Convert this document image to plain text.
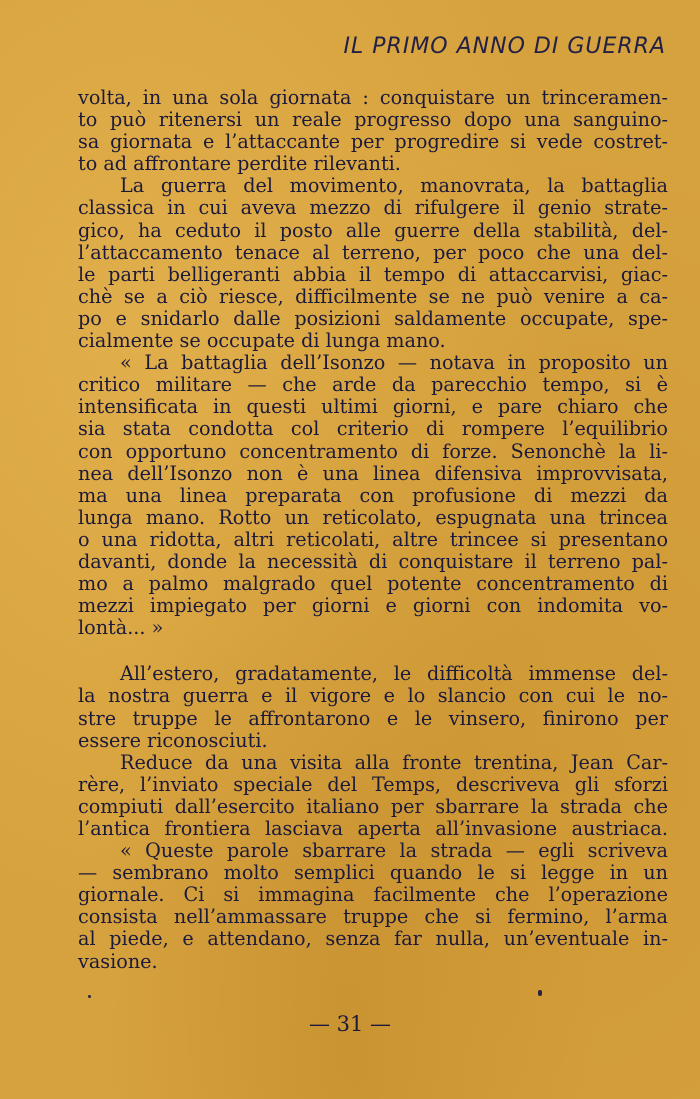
IL PRIMO ANNO DI GUERRA
volta, in una sola giornata : conquistare un trinceramen-
to può ritenersi un reale progresso dopo una sanguino-
sa giornata e l’attaccante per progredire si vede costret-
to ad affrontare perdite rilevanti.
La guerra del movimento, manovrata, la battaglia
classica in cui aveva mezzo di rifulgere il genio strate-
gico, ha ceduto il posto alle guerre della stabilità, del-
l’attaccamento tenace al terreno, per poco che una del-
le parti belligeranti abbia il tempo di attaccarvisi, giac-
chè se a ciò riesce, difficilmente se ne può venire a ca-
po e snidarlo dalle posizioni saldamente occupate, spe-
cialmente se occupate di lunga mano.
« La battaglia dell’Isonzo — notava in proposito un
critico militare — che arde da parecchio tempo, si è
intensificata in questi ultimi giorni, e pare chiaro che
sia stata condotta col criterio di rompere l’equilibrio
con opportuno concentramento di forze. Senonchè la li-
nea dell’Isonzo non è una linea difensiva improvvisata,
ma una linea preparata con profusione di mezzi da
lunga mano. Rotto un reticolato, espugnata una trincea
o una ridotta, altri reticolati, altre trincee si presentano
davanti, donde la necessità di conquistare il terreno pal-
mo a palmo malgrado quel potente concentramento di
mezzi impiegato per giorni e giorni con indomita vo-
lontà... »
All’estero, gradatamente, le difficoltà immense del-
la nostra guerra e il vigore e lo slancio con cui le no-
stre truppe le affrontarono e le vinsero, finirono per
essere riconosciuti.
Reduce da una visita alla fronte trentina, Jean Car-
rère, l’inviato speciale del Temps, descriveva gli sforzi
compiuti dall’esercito italiano per sbarrare la strada che
l’antica frontiera lasciava aperta all’invasione austriaca.
« Queste parole sbarrare la strada — egli scriveva
— sembrano molto semplici quando le si legge in un
giornale. Ci si immagina facilmente che l’operazione
consista nell’ammassare truppe che si fermino, l’arma
al piede, e attendano, senza far nulla, un’eventuale in-
vasione.
— 31 —
